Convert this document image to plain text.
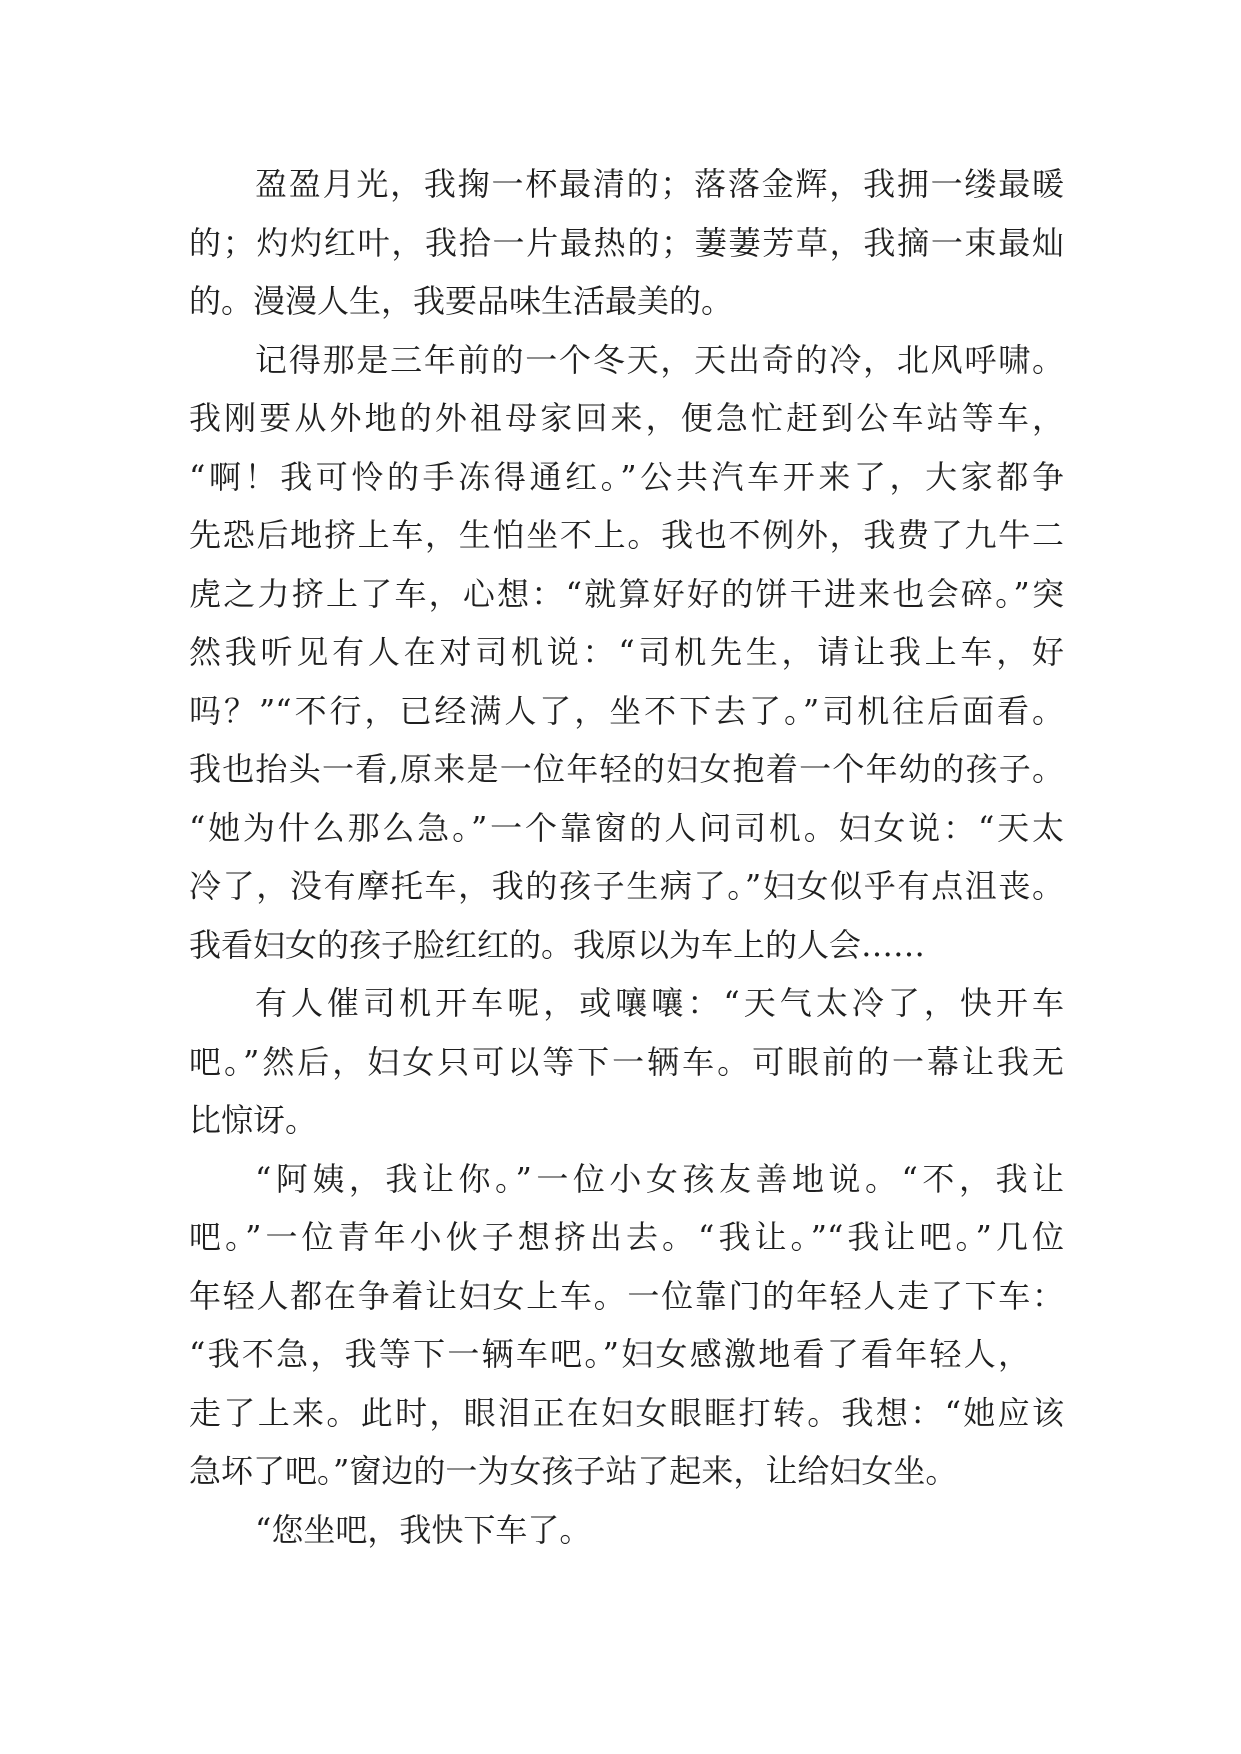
盈盈月光，我掬一杯最清的；落落金辉，我拥一缕最暖
的；灼灼红叶，我拾一片最热的；萋萋芳草，我摘一束最灿
的。漫漫人生，我要品味生活最美的。
记得那是三年前的一个冬天，天出奇的冷，北风呼啸。
我刚要从外地的外祖母家回来，便急忙赶到公车站等车，
“啊！我可怜的手冻得通红。”公共汽车开来了，大家都争
先恐后地挤上车，生怕坐不上。我也不例外，我费了九牛二
虎之力挤上了车，心想：“就算好好的饼干进来也会碎。”突
然我听见有人在对司机说：“司机先生，请让我上车，好
吗？”“不行，已经满人了，坐不下去了。”司机往后面看。
我也抬头一看,原来是一位年轻的妇女抱着一个年幼的孩子。
“她为什么那么急。”一个靠窗的人问司机。妇女说：“天太
冷了，没有摩托车，我的孩子生病了。”妇女似乎有点沮丧。
我看妇女的孩子脸红红的。我原以为车上的人会……
有人催司机开车呢，或嚷嚷：“天气太冷了，快开车
吧。”然后，妇女只可以等下一辆车。可眼前的一幕让我无
比惊讶。
“阿姨，我让你。”一位小女孩友善地说。“不，我让
吧。”一位青年小伙子想挤出去。“我让。”“我让吧。”几位
年轻人都在争着让妇女上车。一位靠门的年轻人走了下车：
“我不急，我等下一辆车吧。”妇女感激地看了看年轻人，
走了上来。此时，眼泪正在妇女眼眶打转。我想：“她应该
急坏了吧。”窗边的一为女孩子站了起来，让给妇女坐。
“您坐吧，我快下车了。
